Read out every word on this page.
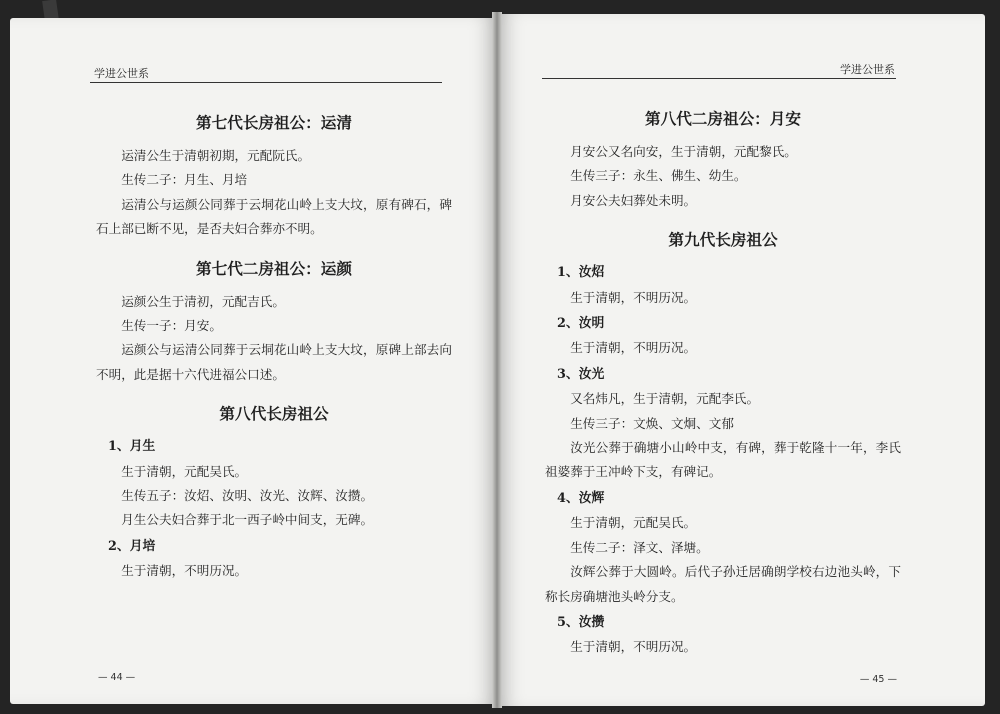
学进公世系
第七代长房祖公：运清

运清公生于清朝初期，元配阮氏。

生传二子：月生、月培

运清公与运颜公同葬于云垌花山岭上支大坟，原有碑石，碑石上部已断不见，是否夫妇合葬亦不明。

第七代二房祖公：运颜

运颜公生于清初，元配吉氏。

生传一子：月安。

运颜公与运清公同葬于云垌花山岭上支大坟，原碑上部去向不明，此是据十六代进福公口述。

第八代长房祖公
1、月生

生于清朝，元配吴氏。

生传五子：汝炤、汝明、汝光、汝辉、汝攒。

月生公夫妇合葬于北一西子岭中间支，无碑。

2、月培

生于清朝，不明历况。

— 44 —
学进公世系
第八代二房祖公：月安

月安公又名向安，生于清朝，元配黎氏。

生传三子：永生、佛生、幼生。

月安公夫妇葬处未明。

第九代长房祖公
1、汝炤

生于清朝，不明历况。

2、汝明

生于清朝，不明历况。

3、汝光

又名炜凡，生于清朝，元配李氏。

生传三子：文焕、文炯、文郁

汝光公葬于确塘小山岭中支，有碑，葬于乾隆十一年，李氏祖婆葬于王冲岭下支，有碑记。

4、汝辉

生于清朝，元配吴氏。

生传二子：泽文、泽塘。

汝辉公葬于大圆岭。后代子孙迁居确朗学校右边池头岭，下称长房确塘池头岭分支。

5、汝攒

生于清朝，不明历况。

— 45 —
